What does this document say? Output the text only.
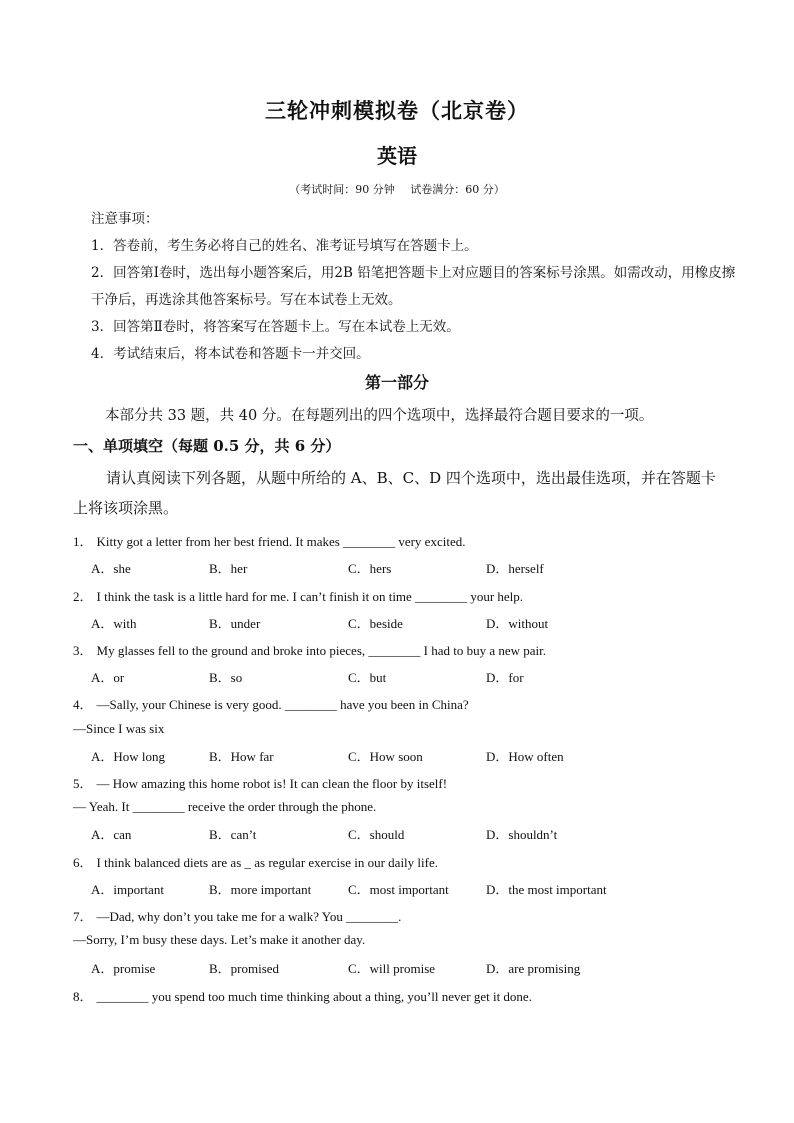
三轮冲刺模拟卷（北京卷）
英语
（考试时间：90 分钟 试卷满分：60 分）
注意事项：
1．答卷前，考生务必将自己的姓名、准考证号填写在答题卡上。
2．回答第Ⅰ卷时，选出每小题答案后，用2B 铅笔把答题卡上对应题目的答案标号涂黑。如需改动，用橡皮擦干净后，再选涂其他答案标号。写在本试卷上无效。
3．回答第Ⅱ卷时，将答案写在答题卡上。写在本试卷上无效。
4．考试结束后，将本试卷和答题卡一并交回。
第一部分
本部分共 33 题，共 40 分。在每题列出的四个选项中，选择最符合题目要求的一项。
一、单项填空（每题 0.5 分，共 6 分）
请认真阅读下列各题，从题中所给的 A、B、C、D 四个选项中，选出最佳选项，并在答题卡上将该项涂黑。
1． Kitty got a letter from her best friend. It makes ________ very excited.
A．she	B．her	C．hers	D．herself
2． I think the task is a little hard for me. I can’t finish it on time ________ your help.
A．with	B．under	C．beside	D．without
3． My glasses fell to the ground and broke into pieces, ________ I had to buy a new pair.
A．or	B．so	C．but	D．for
4． —Sally, your Chinese is very good. ________ have you been in China?
—Since I was six
A．How long	B．How far	C．How soon	D．How often
5． — How amazing this home robot is! It can clean the floor by itself!
— Yeah. It ________ receive the order through the phone.
A．can	B．can’t	C．should	D．shouldn’t
6． I think balanced diets are as _ as regular exercise in our daily life.
A．important	B．more important	C．most important	D．the most important
7． —Dad, why don’t you take me for a walk? You ________.
—Sorry, I’m busy these days. Let’s make it another day.
A．promise	B．promised	C．will promise	D．are promising
8． ________ you spend too much time thinking about a thing, you’ll never get it done.
